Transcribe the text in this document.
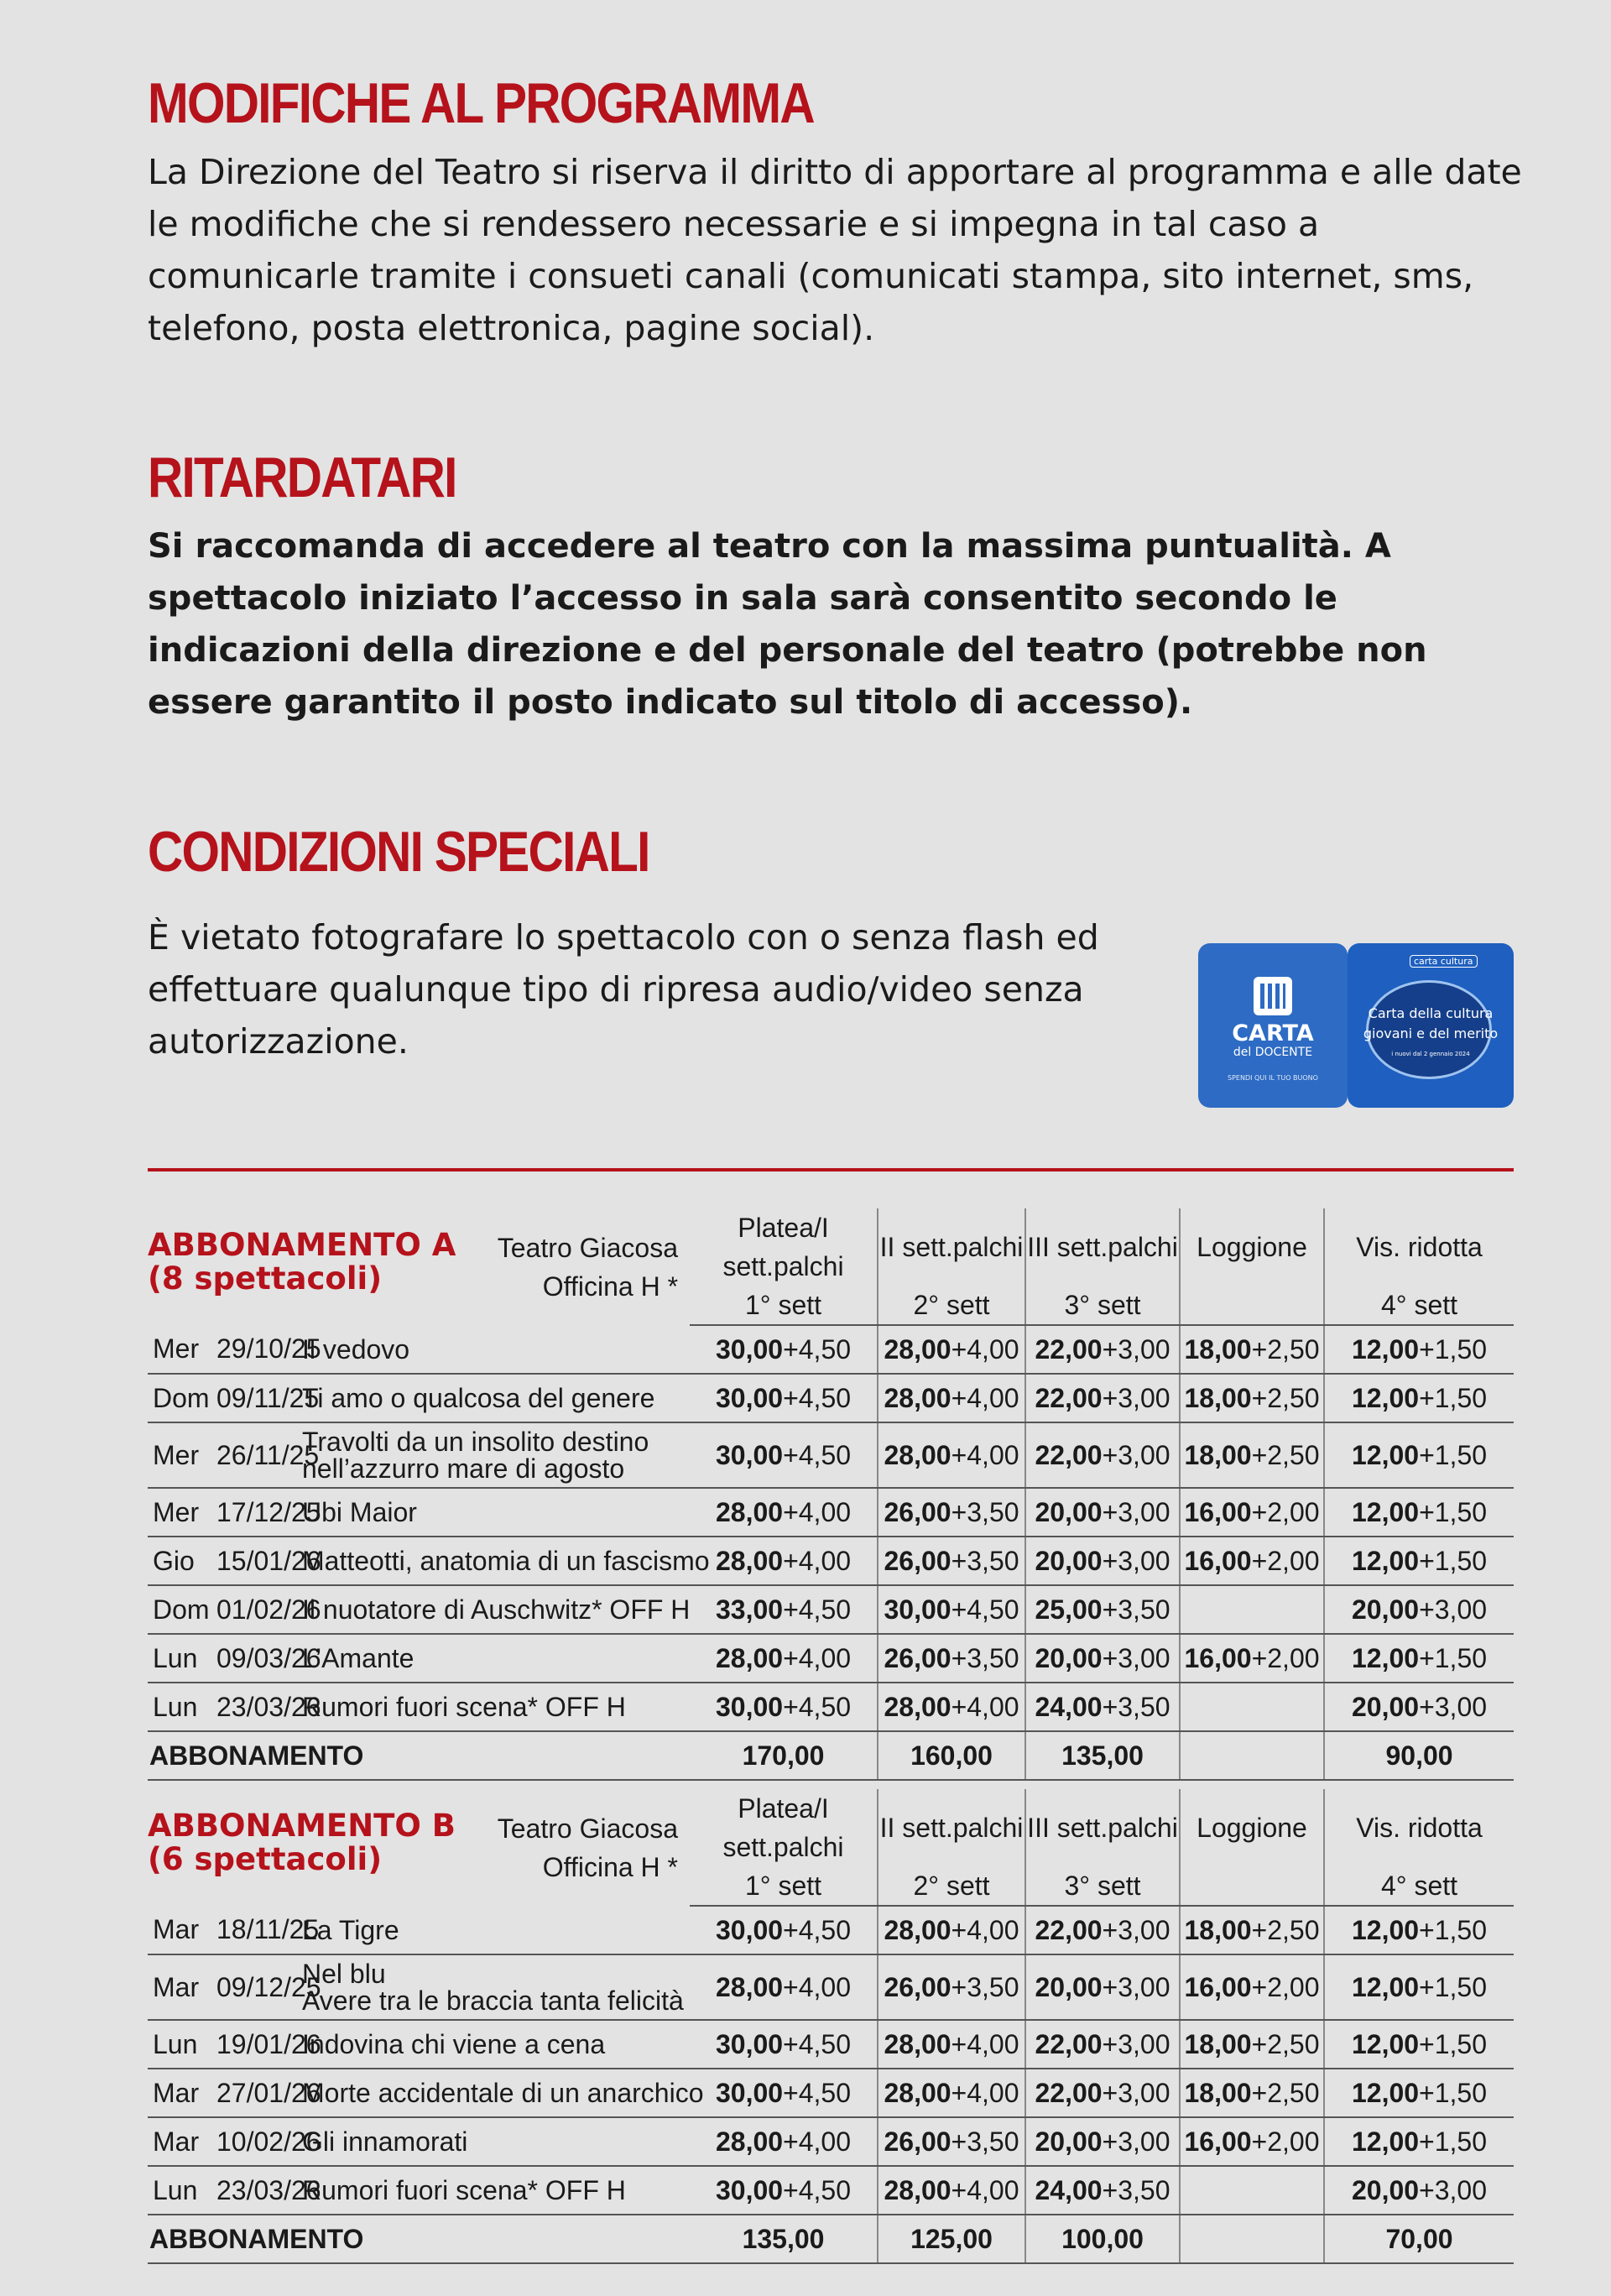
MODIFICHE AL PROGRAMMA

La Direzione del Teatro si riserva il diritto di apportare al programma e alle date le modifiche che si rendessero necessarie e si impegna in tal caso a comunicarle tramite i consueti canali (comunicati stampa, sito internet, sms, telefono, posta elettronica, pagine social).

RITARDATARI

Si raccomanda di accedere al teatro con la massima puntualità. A spettacolo iniziato l’accesso in sala sarà consentito secondo le indicazioni della direzione e del personale del teatro (potrebbe non essere garantito il posto indicato sul titolo di accesso).

CONDIZIONI SPECIALI

È vietato fotografare lo spettacolo con o senza flash ed effettuare qualunque tipo di ripresa audio/video senza autorizzazione.	CARTA
del DOCENTE
SPENDI QUI IL TUO BUONO
carta cultura
Carta della cultura
giovani e del merito
i nuovi dal 2 gennaio 2024
ABBONAMENTO A
(8 spettacoli)
Teatro Giacosa
Officina H *			Platea/I sett.palchi	II sett.palchi	III sett.palchi	Loggione	Vis. ridotta
			1° sett	2° sett	3° sett		4° sett
Mer	29/10/25	Il vedovo	30,00+4,50	28,00+4,00	22,00+3,00	18,00+2,50	12,00+1,50
Dom	09/11/25	Ti amo o qualcosa del genere	30,00+4,50	28,00+4,00	22,00+3,00	18,00+2,50	12,00+1,50
Mer	26/11/25	Travolti da un insolito destino
nell’azzurro mare di agosto	30,00+4,50	28,00+4,00	22,00+3,00	18,00+2,50	12,00+1,50
Mer	17/12/25	Ubi Maior	28,00+4,00	26,00+3,50	20,00+3,00	16,00+2,00	12,00+1,50
Gio	15/01/26	Matteotti, anatomia di un fascismo	28,00+4,00	26,00+3,50	20,00+3,00	16,00+2,00	12,00+1,50
Dom	01/02/26	Il nuotatore di Auschwitz* OFF H	33,00+4,50	30,00+4,50	25,00+3,50		20,00+3,00
Lun	09/03/26	L’Amante	28,00+4,00	26,00+3,50	20,00+3,00	16,00+2,00	12,00+1,50
Lun	23/03/26	Rumori fuori scena* OFF H	30,00+4,50	28,00+4,00	24,00+3,50		20,00+3,00
ABBONAMENTO			170,00	160,00	135,00		90,00
ABBONAMENTO B
(6 spettacoli)
Teatro Giacosa
Officina H *			Platea/I sett.palchi	II sett.palchi	III sett.palchi	Loggione	Vis. ridotta
			1° sett	2° sett	3° sett		4° sett
Mar	18/11/25	La Tigre	30,00+4,50	28,00+4,00	22,00+3,00	18,00+2,50	12,00+1,50
Mar	09/12/25	Nel blu
Avere tra le braccia tanta felicità	28,00+4,00	26,00+3,50	20,00+3,00	16,00+2,00	12,00+1,50
Lun	19/01/26	Indovina chi viene a cena	30,00+4,50	28,00+4,00	22,00+3,00	18,00+2,50	12,00+1,50
Mar	27/01/26	Morte accidentale di un anarchico	30,00+4,50	28,00+4,00	22,00+3,00	18,00+2,50	12,00+1,50
Mar	10/02/26	Gli innamorati	28,00+4,00	26,00+3,50	20,00+3,00	16,00+2,00	12,00+1,50
Lun	23/03/26	Rumori fuori scena* OFF H	30,00+4,50	28,00+4,00	24,00+3,50		20,00+3,00
ABBONAMENTO			135,00	125,00	100,00		70,00
